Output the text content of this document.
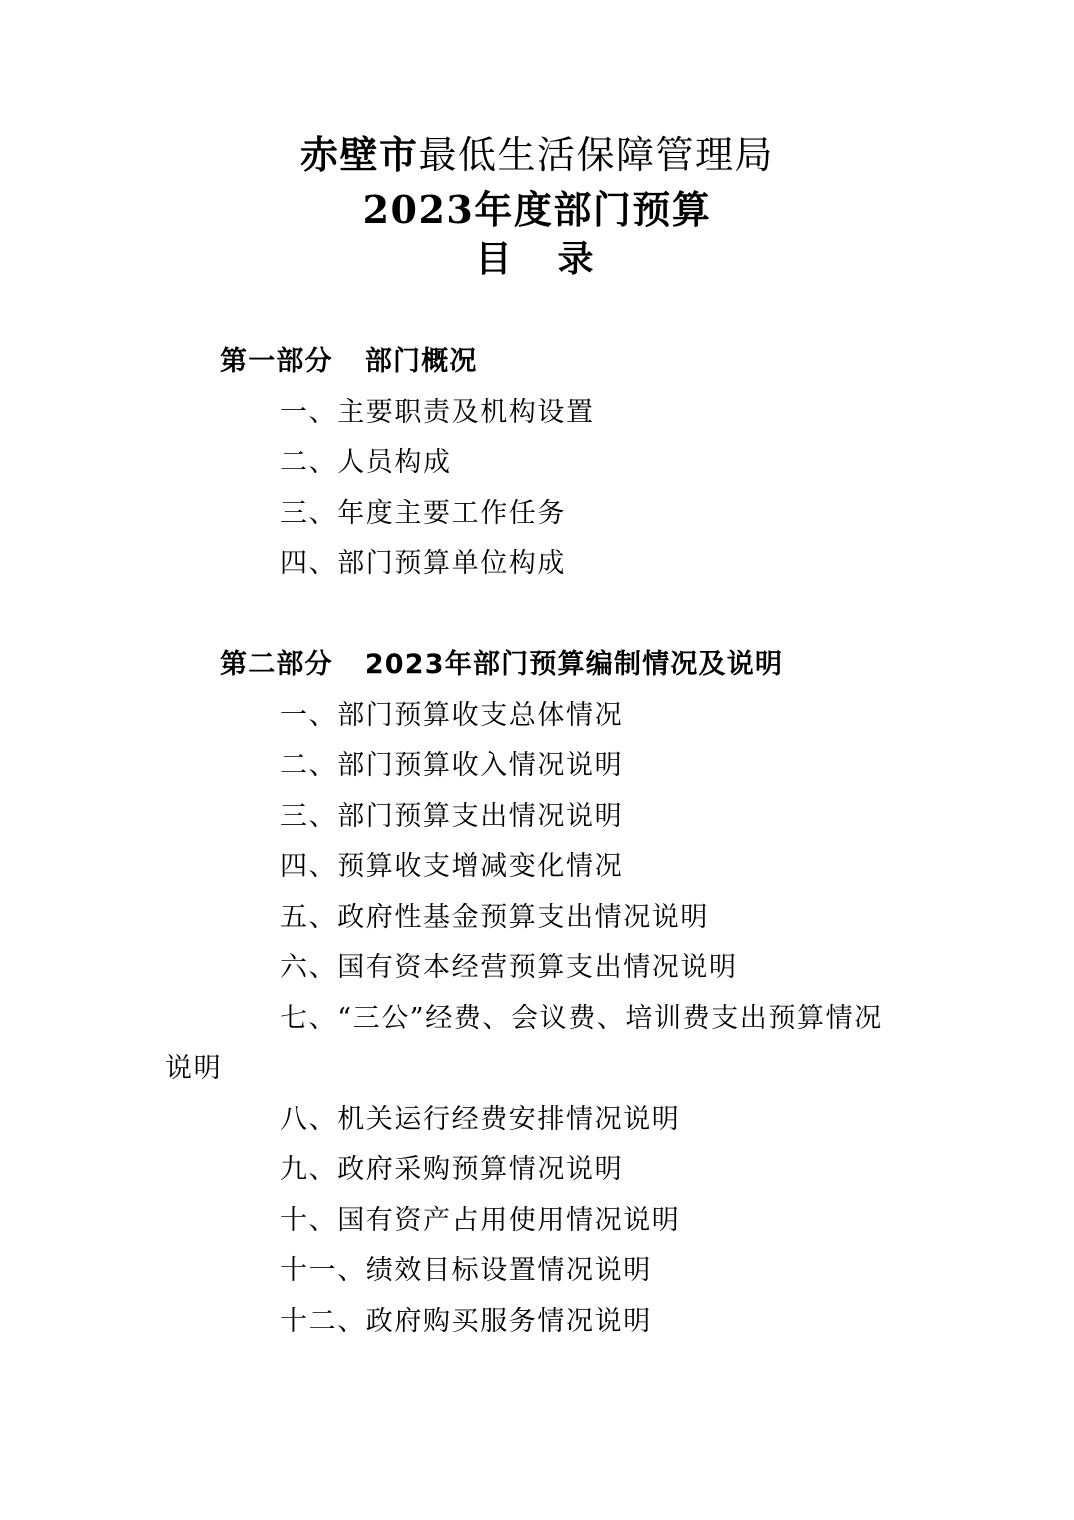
赤壁市最低生活保障管理局
2023年度部门预算
目　录
第一部分 部门概况
一、主要职责及机构设置
二、人员构成
三、年度主要工作任务
四、部门预算单位构成
第二部分 2023年部门预算编制情况及说明
一、部门预算收支总体情况
二、部门预算收入情况说明
三、部门预算支出情况说明
四、预算收支增减变化情况
五、政府性基金预算支出情况说明
六、国有资本经营预算支出情况说明
七、“三公”经费、会议费、培训费支出预算情况
说明
八、机关运行经费安排情况说明
九、政府采购预算情况说明
十、国有资产占用使用情况说明
十一、绩效目标设置情况说明
十二、政府购买服务情况说明
